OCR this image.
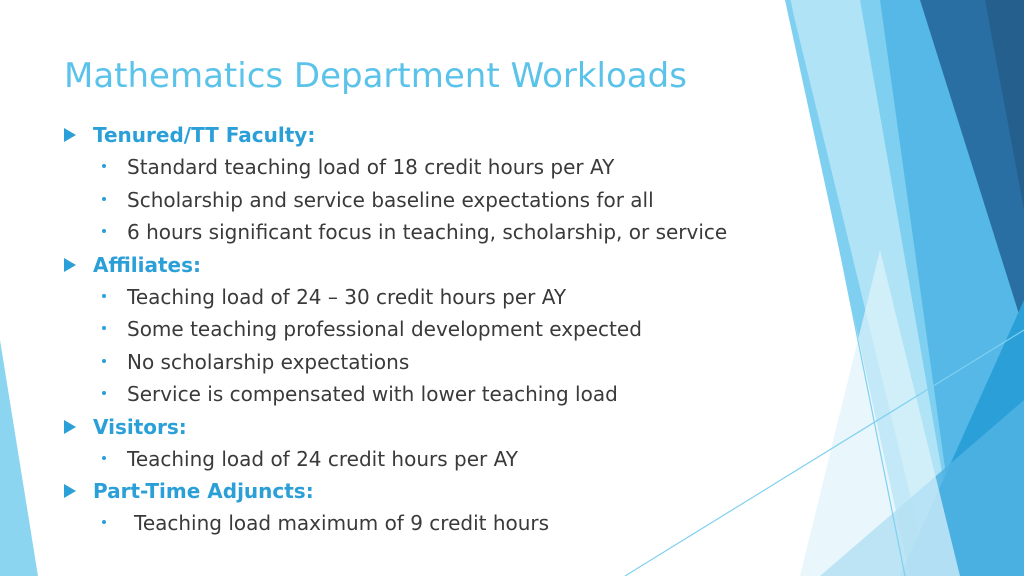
Mathematics Department Workloads
Tenured/TT Faculty:
Standard teaching load of 18 credit hours per AY
Scholarship and service baseline expectations for all
6 hours significant focus in teaching, scholarship, or service
Affiliates:
Teaching load of 24 – 30 credit hours per AY
Some teaching professional development expected
No scholarship expectations
Service is compensated with lower teaching load
Visitors:
Teaching load of 24 credit hours per AY
Part-Time Adjuncts:
Teaching load maximum of 9 credit hours
